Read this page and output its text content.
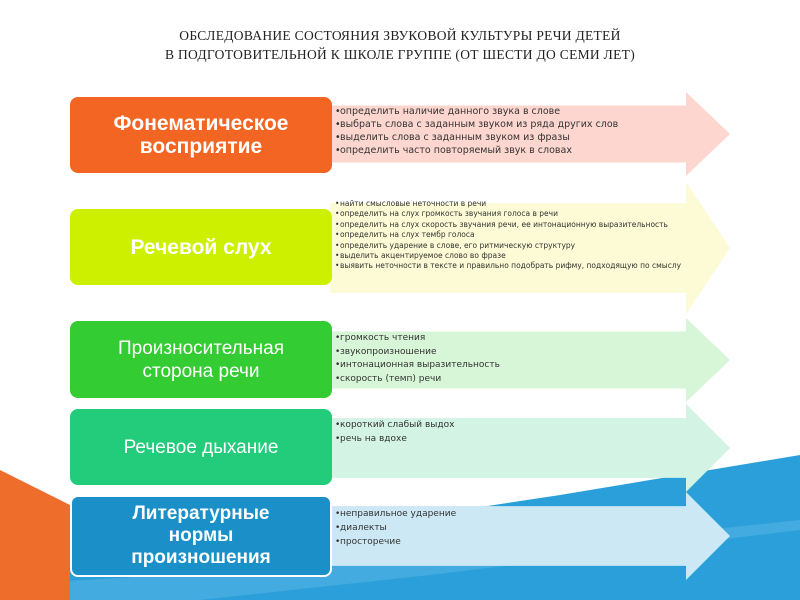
ОБСЛЕДОВАНИЕ СОСТОЯНИЯ ЗВУКОВОЙ КУЛЬТУРЫ РЕЧИ ДЕТЕЙ
В ПОДГОТОВИТЕЛЬНОЙ К ШКОЛЕ ГРУППЕ (ОТ ШЕСТИ ДО СЕМИ ЛЕТ)
Фонематическое
восприятие
• определить наличие данного звука в слове
• выбрать слова с заданным звуком из ряда других слов
• выделить слова с заданным звуком из фразы
• определить часто повторяемый звук в словах
Речевой слух
• найти смысловые неточности в речи
• определить на слух громкость звучания голоса в речи
• определить на слух скорость звучания речи, ее интонационную выразительность
• определить на слух тембр голоса
• определить ударение в слове, его ритмическую структуру
• выделить акцентируемое слово во фразе
• выявить неточности в тексте и правильно подобрать рифму, подходящую по смыслу
Произносительная
сторона речи
• громкость чтения
• звукопроизношение
• интонационная выразительность
• скорость (темп) речи
Речевое дыхание
• короткий слабый выдох
• речь на вдохе
Литературные
нормы
произношения
• неправильное ударение
• диалекты
• просторечие
